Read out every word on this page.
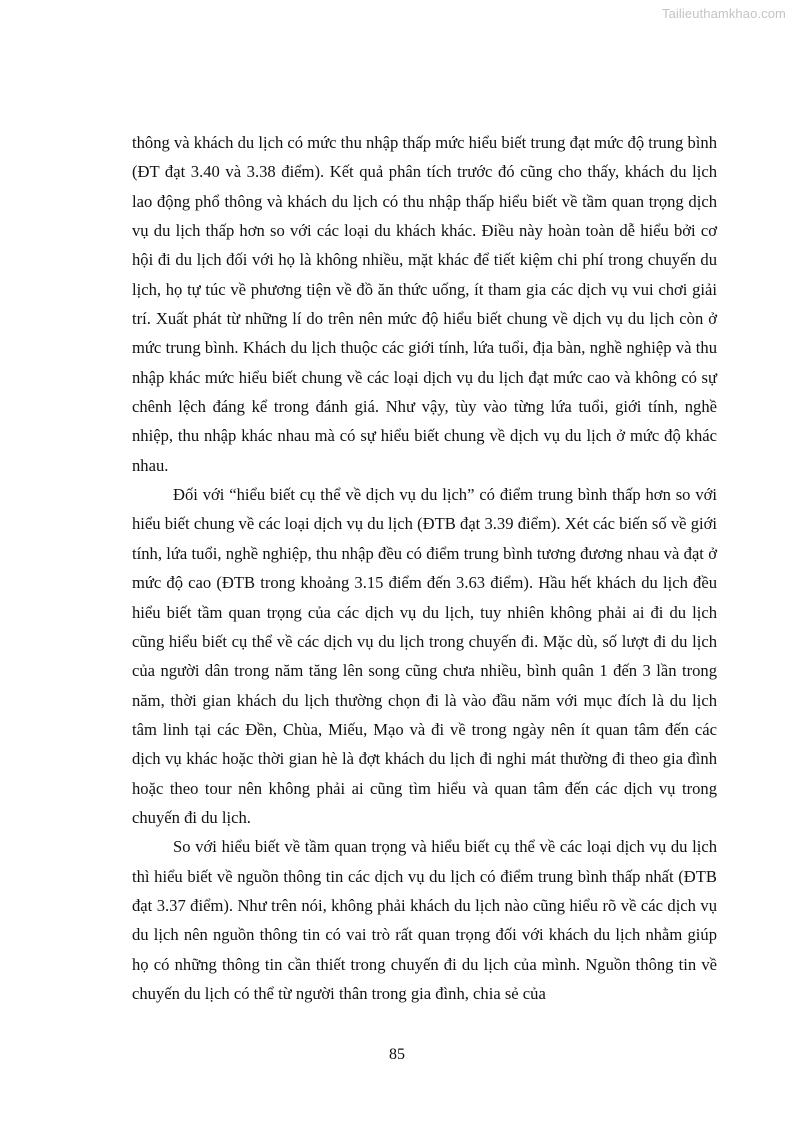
Tailieuthamkhao.com

thông và khách du lịch có mức thu nhập thấp mức hiểu biết trung đạt mức độ trung bình (ĐT đạt 3.40 và 3.38 điểm). Kết quả phân tích trước đó cũng cho thấy, khách du lịch lao động phổ thông và khách du lịch có thu nhập thấp hiểu biết về tầm quan trọng dịch vụ du lịch thấp hơn so với các loại du khách khác. Điều này hoàn toàn dễ hiểu bởi cơ hội đi du lịch đối với họ là không nhiều, mặt khác để tiết kiệm chi phí trong chuyến du lịch, họ tự túc về phương tiện về đồ ăn thức uống, ít tham gia các dịch vụ vui chơi giải trí. Xuất phát từ những lí do trên nên mức độ hiểu biết chung về dịch vụ du lịch còn ở mức trung bình. Khách du lịch thuộc các giới tính, lứa tuổi, địa bàn, nghề nghiệp và thu nhập khác mức hiểu biết chung về các loại dịch vụ du lịch đạt mức cao và không có sự chênh lệch đáng kể trong đánh giá. Như vậy, tùy vào từng lứa tuổi, giới tính, nghề nhiệp, thu nhập khác nhau mà có sự hiểu biết chung về dịch vụ du lịch ở mức độ khác nhau.

Đối với “hiểu biết cụ thể về dịch vụ du lịch” có điểm trung bình thấp hơn so với hiểu biết chung về các loại dịch vụ du lịch (ĐTB đạt 3.39 điểm). Xét các biến số về giới tính, lứa tuổi, nghề nghiệp, thu nhập đều có điểm trung bình tương đương nhau và đạt ở mức độ cao (ĐTB trong khoảng 3.15 điểm đến 3.63 điểm). Hầu hết khách du lịch đều hiểu biết tầm quan trọng của các dịch vụ du lịch, tuy nhiên không phải ai đi du lịch cũng hiểu biết cụ thể về các dịch vụ du lịch trong chuyến đi. Mặc dù, số lượt đi du lịch của người dân trong năm tăng lên song cũng chưa nhiều, bình quân 1 đến 3 lần trong năm, thời gian khách du lịch thường chọn đi là vào đầu năm với mục đích là du lịch tâm linh tại các Đền, Chùa, Miếu, Mạo và đi về trong ngày nên ít quan tâm đến các dịch vụ khác hoặc thời gian hè là đợt khách du lịch đi nghi mát thường đi theo gia đình hoặc theo tour nên không phải ai cũng tìm hiểu và quan tâm đến các dịch vụ trong chuyến đi du lịch.

So với hiểu biết về tầm quan trọng và hiểu biết cụ thể về các loại dịch vụ du lịch thì hiểu biết về nguồn thông tin các dịch vụ du lịch có điểm trung bình thấp nhất (ĐTB đạt 3.37 điểm). Như trên nói, không phải khách du lịch nào cũng hiểu rõ về các dịch vụ du lịch nên nguồn thông tin có vai trò rất quan trọng đối với khách du lịch nhằm giúp họ có những thông tin cần thiết trong chuyến đi du lịch của mình. Nguồn thông tin về chuyến du lịch có thể từ người thân trong gia đình, chia sẻ của

85
